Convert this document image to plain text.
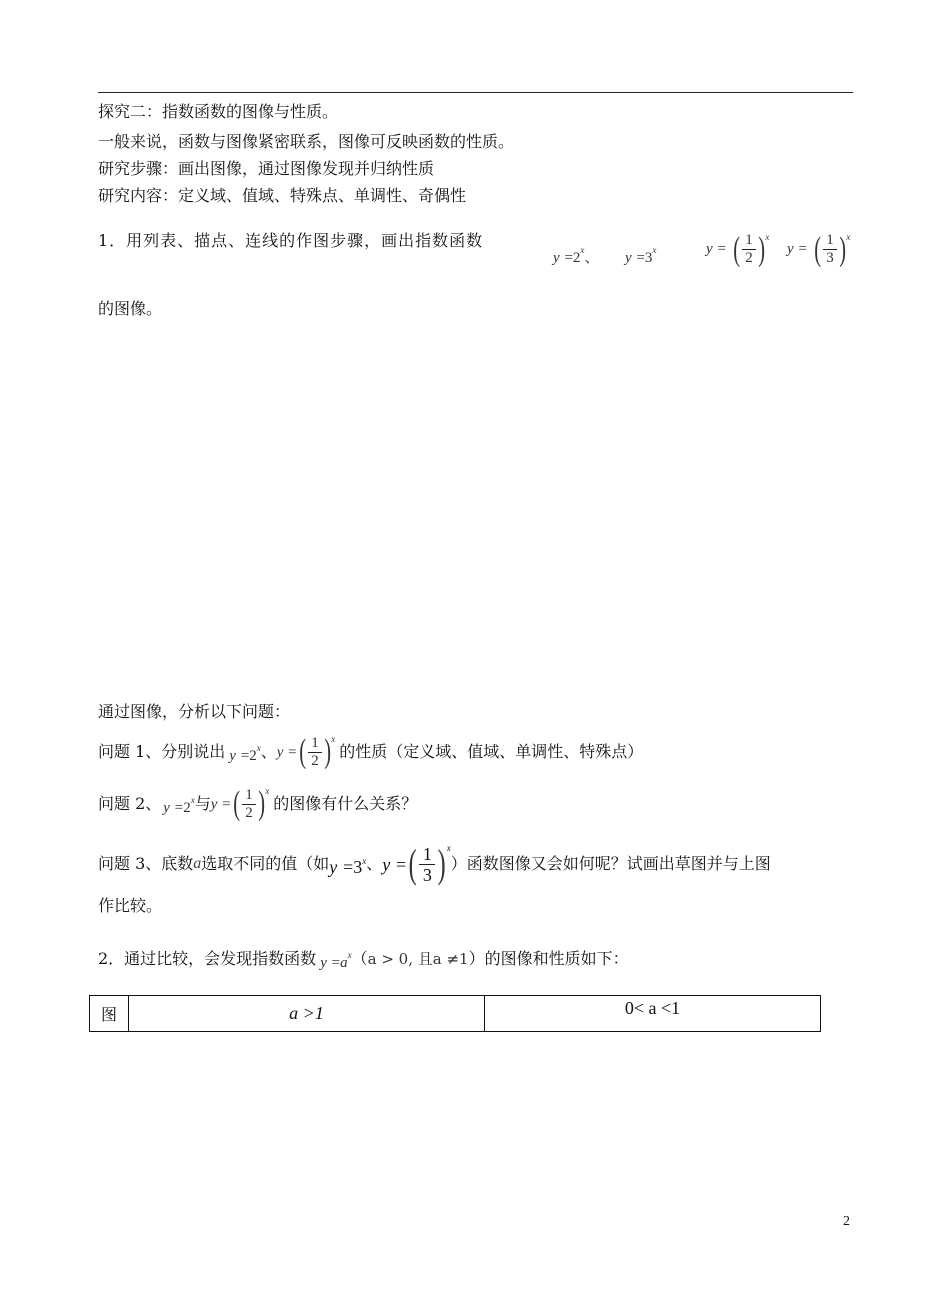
探究二：指数函数的图像与性质。
一般来说，函数与图像紧密联系，图像可反映函数的性质。
研究步骤：画出图像，通过图像发现并归纳性质
研究内容：定义域、值域、特殊点、单调性、奇偶性
1．用列表、描点、连线的作图步骤，画出指数函数
$y =2^x$、 $y =3^x$	y = ( $\frac{1}{2} )^x$
y = ( $\frac{1}{3} )^x$
的图像。
通过图像，分析以下问题：
问题 1、分别说出 $y =2^x$ 、 y =( $\frac{1}{2} )^x$
的性质（定义域、值域、单调性、特殊点）
问题 2、 $y =2^x$ 与 y =( $\frac{1}{2} )^x$
的图像有什么关系？
问题 3、底数 a 选取不同的值（如 $y =3^x$ 、 y =( $\frac{1}{3} )^x$
）函数图像又会如何呢？试画出草图并与上图
作比较。
2．通过比较，会发现指数函数 $y =a^x$ （ a > 0, 且a ≠1 ）的图像和性质如下：
图	a >1	0< a <1
2
